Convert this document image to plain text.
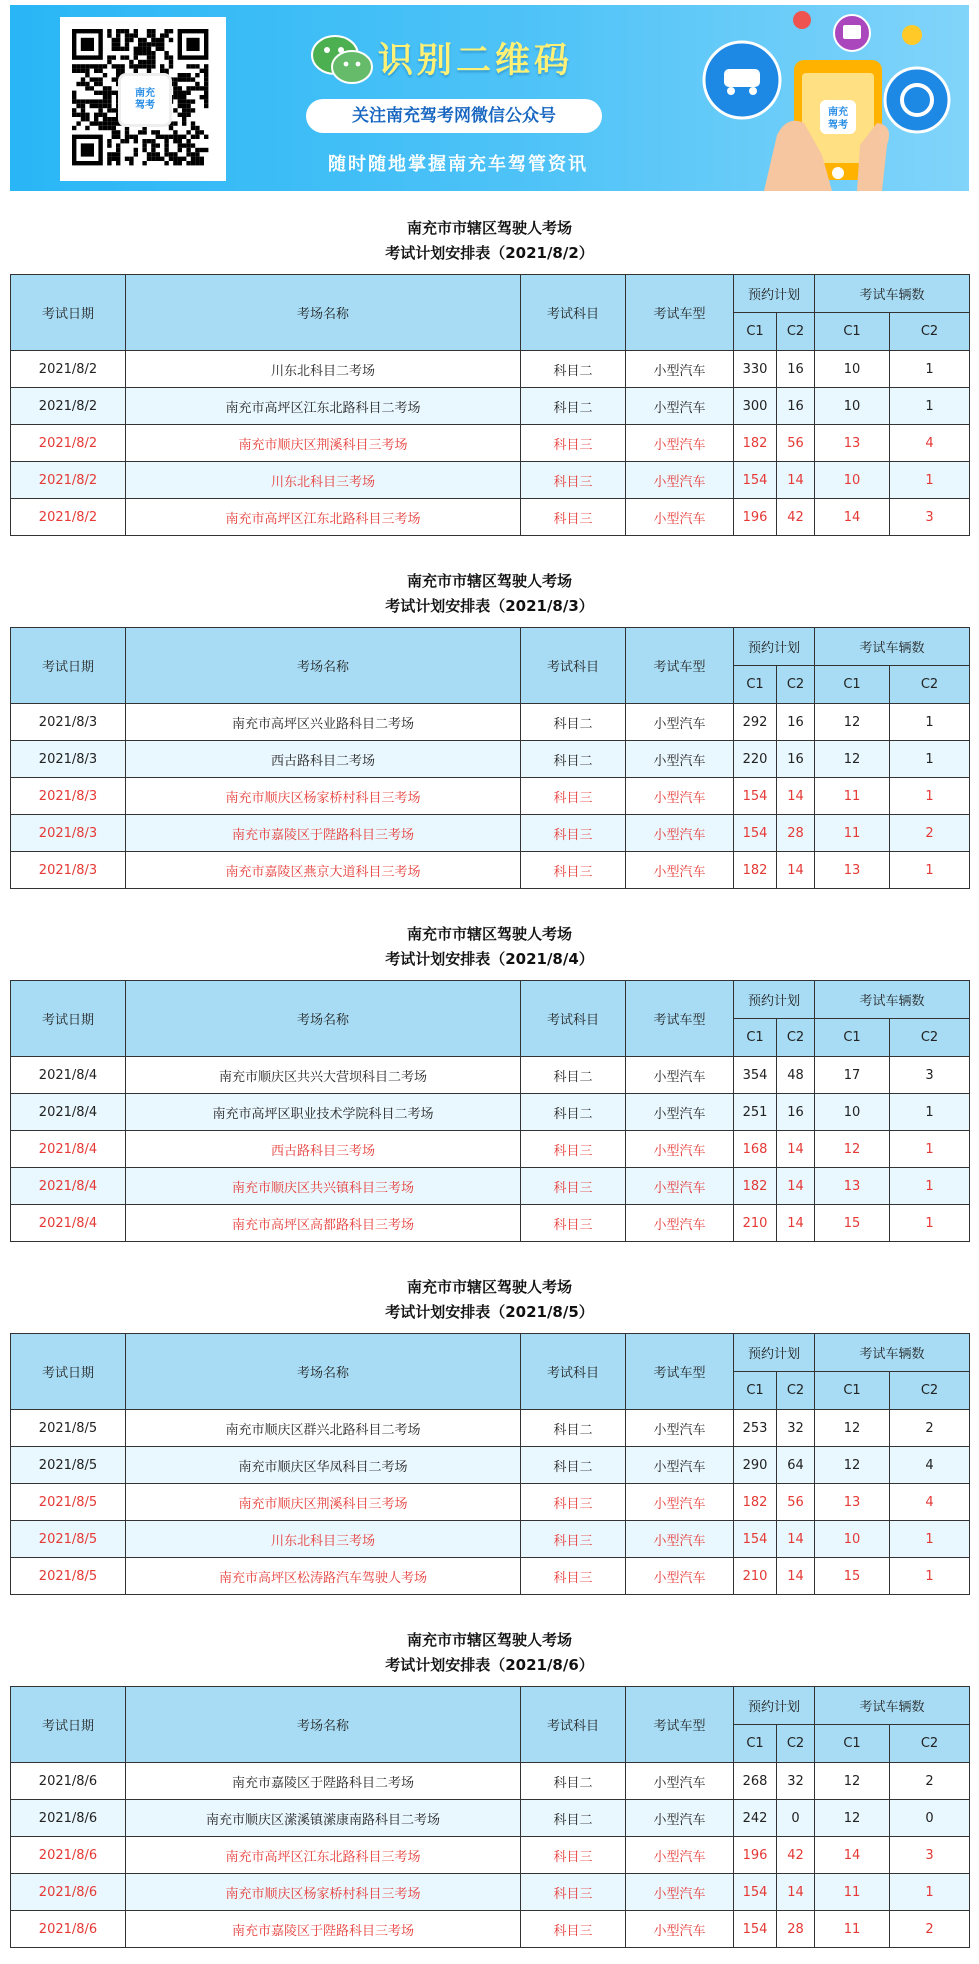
南充
驾考
识别二维码
关注南充驾考网微信公众号
随时随地掌握南充车驾管资讯
南充
驾考
南充市市辖区驾驶人考场
考试计划安排表（2021/8/2）
考试日期	考场名称	考试科目	考试车型	预约计划		考试车辆数	
				C1	C2	C1	C2
2021/8/2	川东北科目二考场	科目二	小型汽车	330	16	10	1
2021/8/2	南充市高坪区江东北路科目二考场	科目二	小型汽车	300	16	10	1
2021/8/2	南充市顺庆区荆溪科目三考场	科目三	小型汽车	182	56	13	4
2021/8/2	川东北科目三考场	科目三	小型汽车	154	14	10	1
2021/8/2	南充市高坪区江东北路科目三考场	科目三	小型汽车	196	42	14	3
南充市市辖区驾驶人考场
考试计划安排表（2021/8/3）
考试日期	考场名称	考试科目	考试车型	预约计划		考试车辆数	
				C1	C2	C1	C2
2021/8/3	南充市高坪区兴业路科目二考场	科目二	小型汽车	292	16	12	1
2021/8/3	西古路科目二考场	科目二	小型汽车	220	16	12	1
2021/8/3	南充市顺庆区杨家桥村科目三考场	科目三	小型汽车	154	14	11	1
2021/8/3	南充市嘉陵区于陛路科目三考场	科目三	小型汽车	154	28	11	2
2021/8/3	南充市嘉陵区燕京大道科目三考场	科目三	小型汽车	182	14	13	1
南充市市辖区驾驶人考场
考试计划安排表（2021/8/4）
考试日期	考场名称	考试科目	考试车型	预约计划		考试车辆数	
				C1	C2	C1	C2
2021/8/4	南充市顺庆区共兴大营坝科目二考场	科目二	小型汽车	354	48	17	3
2021/8/4	南充市高坪区职业技术学院科目二考场	科目二	小型汽车	251	16	10	1
2021/8/4	西古路科目三考场	科目三	小型汽车	168	14	12	1
2021/8/4	南充市顺庆区共兴镇科目三考场	科目三	小型汽车	182	14	13	1
2021/8/4	南充市高坪区高都路科目三考场	科目三	小型汽车	210	14	15	1
南充市市辖区驾驶人考场
考试计划安排表（2021/8/5）
考试日期	考场名称	考试科目	考试车型	预约计划		考试车辆数	
				C1	C2	C1	C2
2021/8/5	南充市顺庆区群兴北路科目二考场	科目二	小型汽车	253	32	12	2
2021/8/5	南充市顺庆区华凤科目二考场	科目二	小型汽车	290	64	12	4
2021/8/5	南充市顺庆区荆溪科目三考场	科目三	小型汽车	182	56	13	4
2021/8/5	川东北科目三考场	科目三	小型汽车	154	14	10	1
2021/8/5	南充市高坪区松涛路汽车驾驶人考场	科目三	小型汽车	210	14	15	1
南充市市辖区驾驶人考场
考试计划安排表（2021/8/6）
考试日期	考场名称	考试科目	考试车型	预约计划		考试车辆数	
				C1	C2	C1	C2
2021/8/6	南充市嘉陵区于陛路科目二考场	科目二	小型汽车	268	32	12	2
2021/8/6	南充市顺庆区潆溪镇潆康南路科目二考场	科目二	小型汽车	242	0	12	0
2021/8/6	南充市高坪区江东北路科目三考场	科目三	小型汽车	196	42	14	3
2021/8/6	南充市顺庆区杨家桥村科目三考场	科目三	小型汽车	154	14	11	1
2021/8/6	南充市嘉陵区于陛路科目三考场	科目三	小型汽车	154	28	11	2
